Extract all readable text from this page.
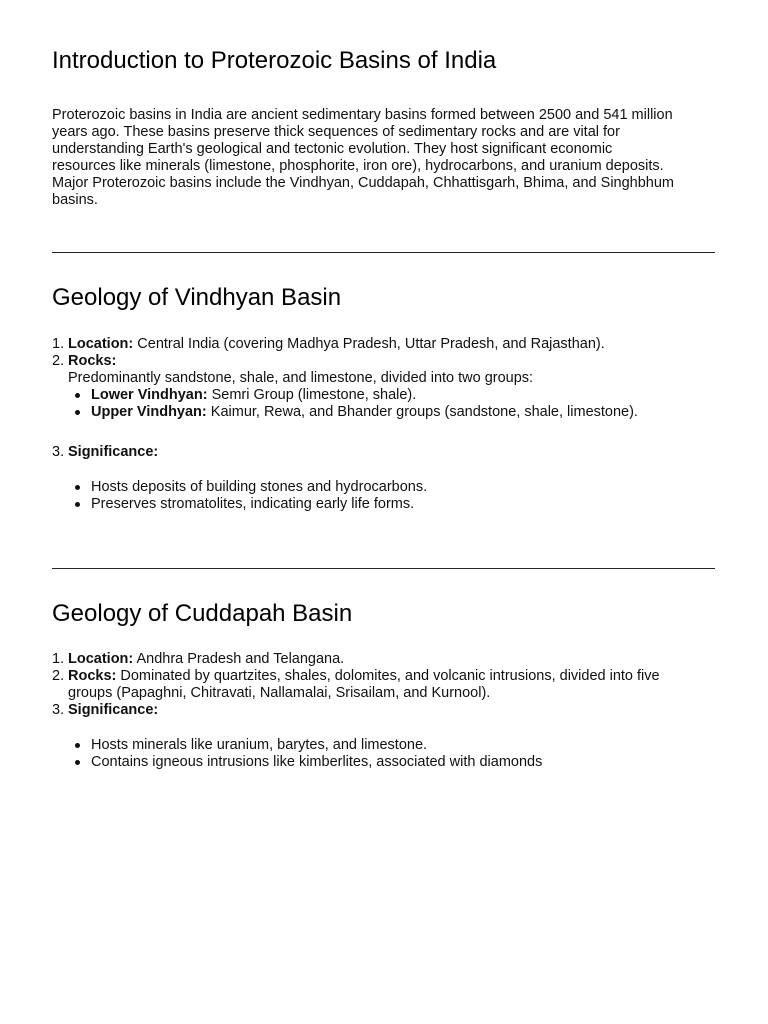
Introduction to Proterozoic Basins of India
Proterozoic basins in India are ancient sedimentary basins formed between 2500 and 541 million
years ago. These basins preserve thick sequences of sedimentary rocks and are vital for
understanding Earth's geological and tectonic evolution. They host significant economic
resources like minerals (limestone, phosphorite, iron ore), hydrocarbons, and uranium deposits.
Major Proterozoic basins include the Vindhyan, Cuddapah, Chhattisgarh, Bhima, and Singhbhum
basins.
Geology of Vindhyan Basin
1. Location: Central India (covering Madhya Pradesh, Uttar Pradesh, and Rajasthan).
2. Rocks:
Predominantly sandstone, shale, and limestone, divided into two groups:
Lower Vindhyan: Semri Group (limestone, shale).
Upper Vindhyan: Kaimur, Rewa, and Bhander groups (sandstone, shale, limestone).
3. Significance:
Hosts deposits of building stones and hydrocarbons.
Preserves stromatolites, indicating early life forms.
Geology of Cuddapah Basin
1. Location: Andhra Pradesh and Telangana.
2. Rocks: Dominated by quartzites, shales, dolomites, and volcanic intrusions, divided into five
groups (Papaghni, Chitravati, Nallamalai, Srisailam, and Kurnool).
3. Significance:
Hosts minerals like uranium, barytes, and limestone.
Contains igneous intrusions like kimberlites, associated with diamonds
